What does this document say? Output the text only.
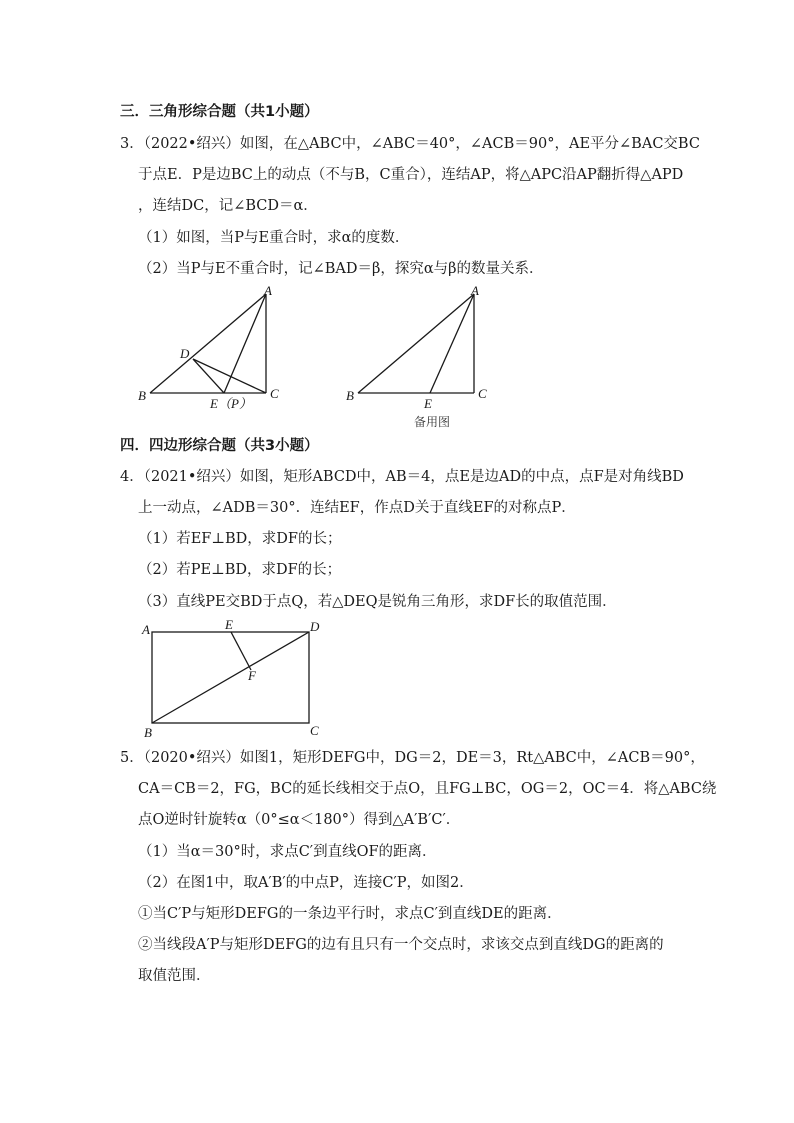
三．三角形综合题（共1小题）
3．（2022•绍兴）如图，在△ABC中，∠ABC＝40°，∠ACB＝90°，AE平分∠BAC交BC
于点E．P是边BC上的动点（不与B，C重合），连结AP，将△APC沿AP翻折得△APD
，连结DC，记∠BCD＝α．
（1）如图，当P与E重合时，求α的度数．
（2）当P与E不重合时，记∠BAD＝β，探究α与β的数量关系．
A
B	C
D
E（P）
A
B	C
E
备用图
四．四边形综合题（共3小题）
4．（2021•绍兴）如图，矩形ABCD中，AB＝4，点E是边AD的中点，点F是对角线BD
上一动点，∠ADB＝30°．连结EF，作点D关于直线EF的对称点P．
（1）若EF⊥BD，求DF的长；
（2）若PE⊥BD，求DF的长；
（3）直线PE交BD于点Q，若△DEQ是锐角三角形，求DF长的取值范围．
A
B	C
D
E
F
5．（2020•绍兴）如图1，矩形DEFG中，DG＝2，DE＝3，Rt△ABC中，∠ACB＝90°，
CA＝CB＝2，FG，BC的延长线相交于点O，且FG⊥BC，OG＝2，OC＝4．将△ABC绕
点O逆时针旋转α（0°≤α＜180°）得到△A′B′C′．
（1）当α＝30°时，求点C′到直线OF的距离．
（2）在图1中，取A′B′的中点P，连接C′P，如图2．
①当C′P与矩形DEFG的一条边平行时，求点C′到直线DE的距离．
②当线段A′P与矩形DEFG的边有且只有一个交点时，求该交点到直线DG的距离的
取值范围．
